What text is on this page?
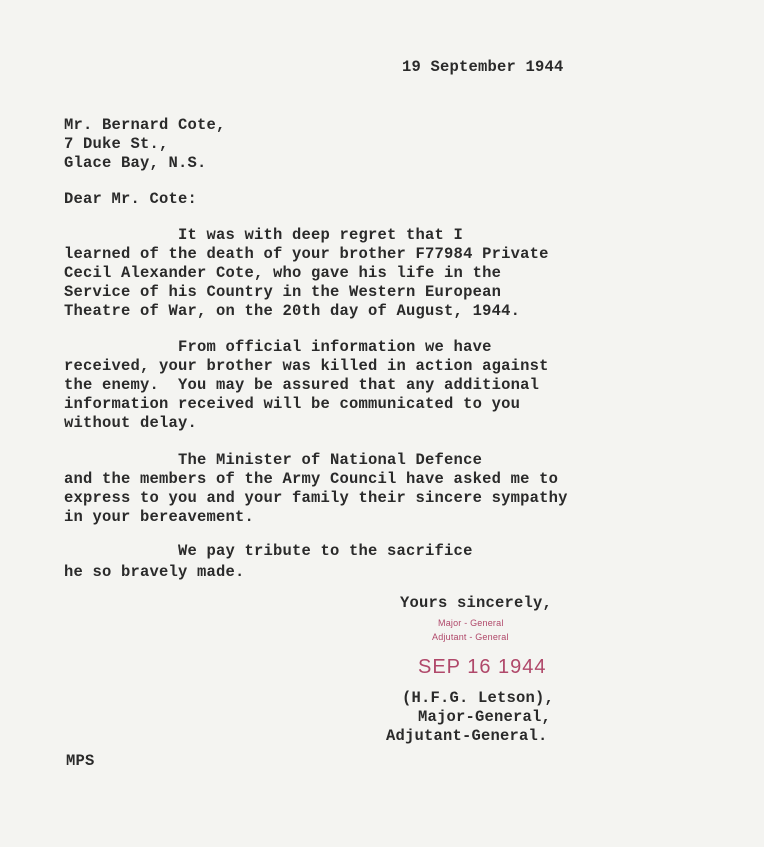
19 September 1944
Mr. Bernard Cote,
7 Duke St.,
Glace Bay, N.S.
Dear Mr. Cote:
It was with deep regret that I
learned of the death of your brother F77984 Private
Cecil Alexander Cote, who gave his life in the
Service of his Country in the Western European
Theatre of War, on the 20th day of August, 1944.
From official information we have
received, your brother was killed in action against
the enemy.  You may be assured that any additional
information received will be communicated to you
without delay.
The Minister of National Defence
and the members of the Army Council have asked me to
express to you and your family their sincere sympathy
in your bereavement.
We pay tribute to the sacrifice
he so bravely made.
Yours sincerely,
Major - General
Adjutant - General
SEP 16 1944
(H.F.G. Letson),
Major-General,
Adjutant-General.
MPS
